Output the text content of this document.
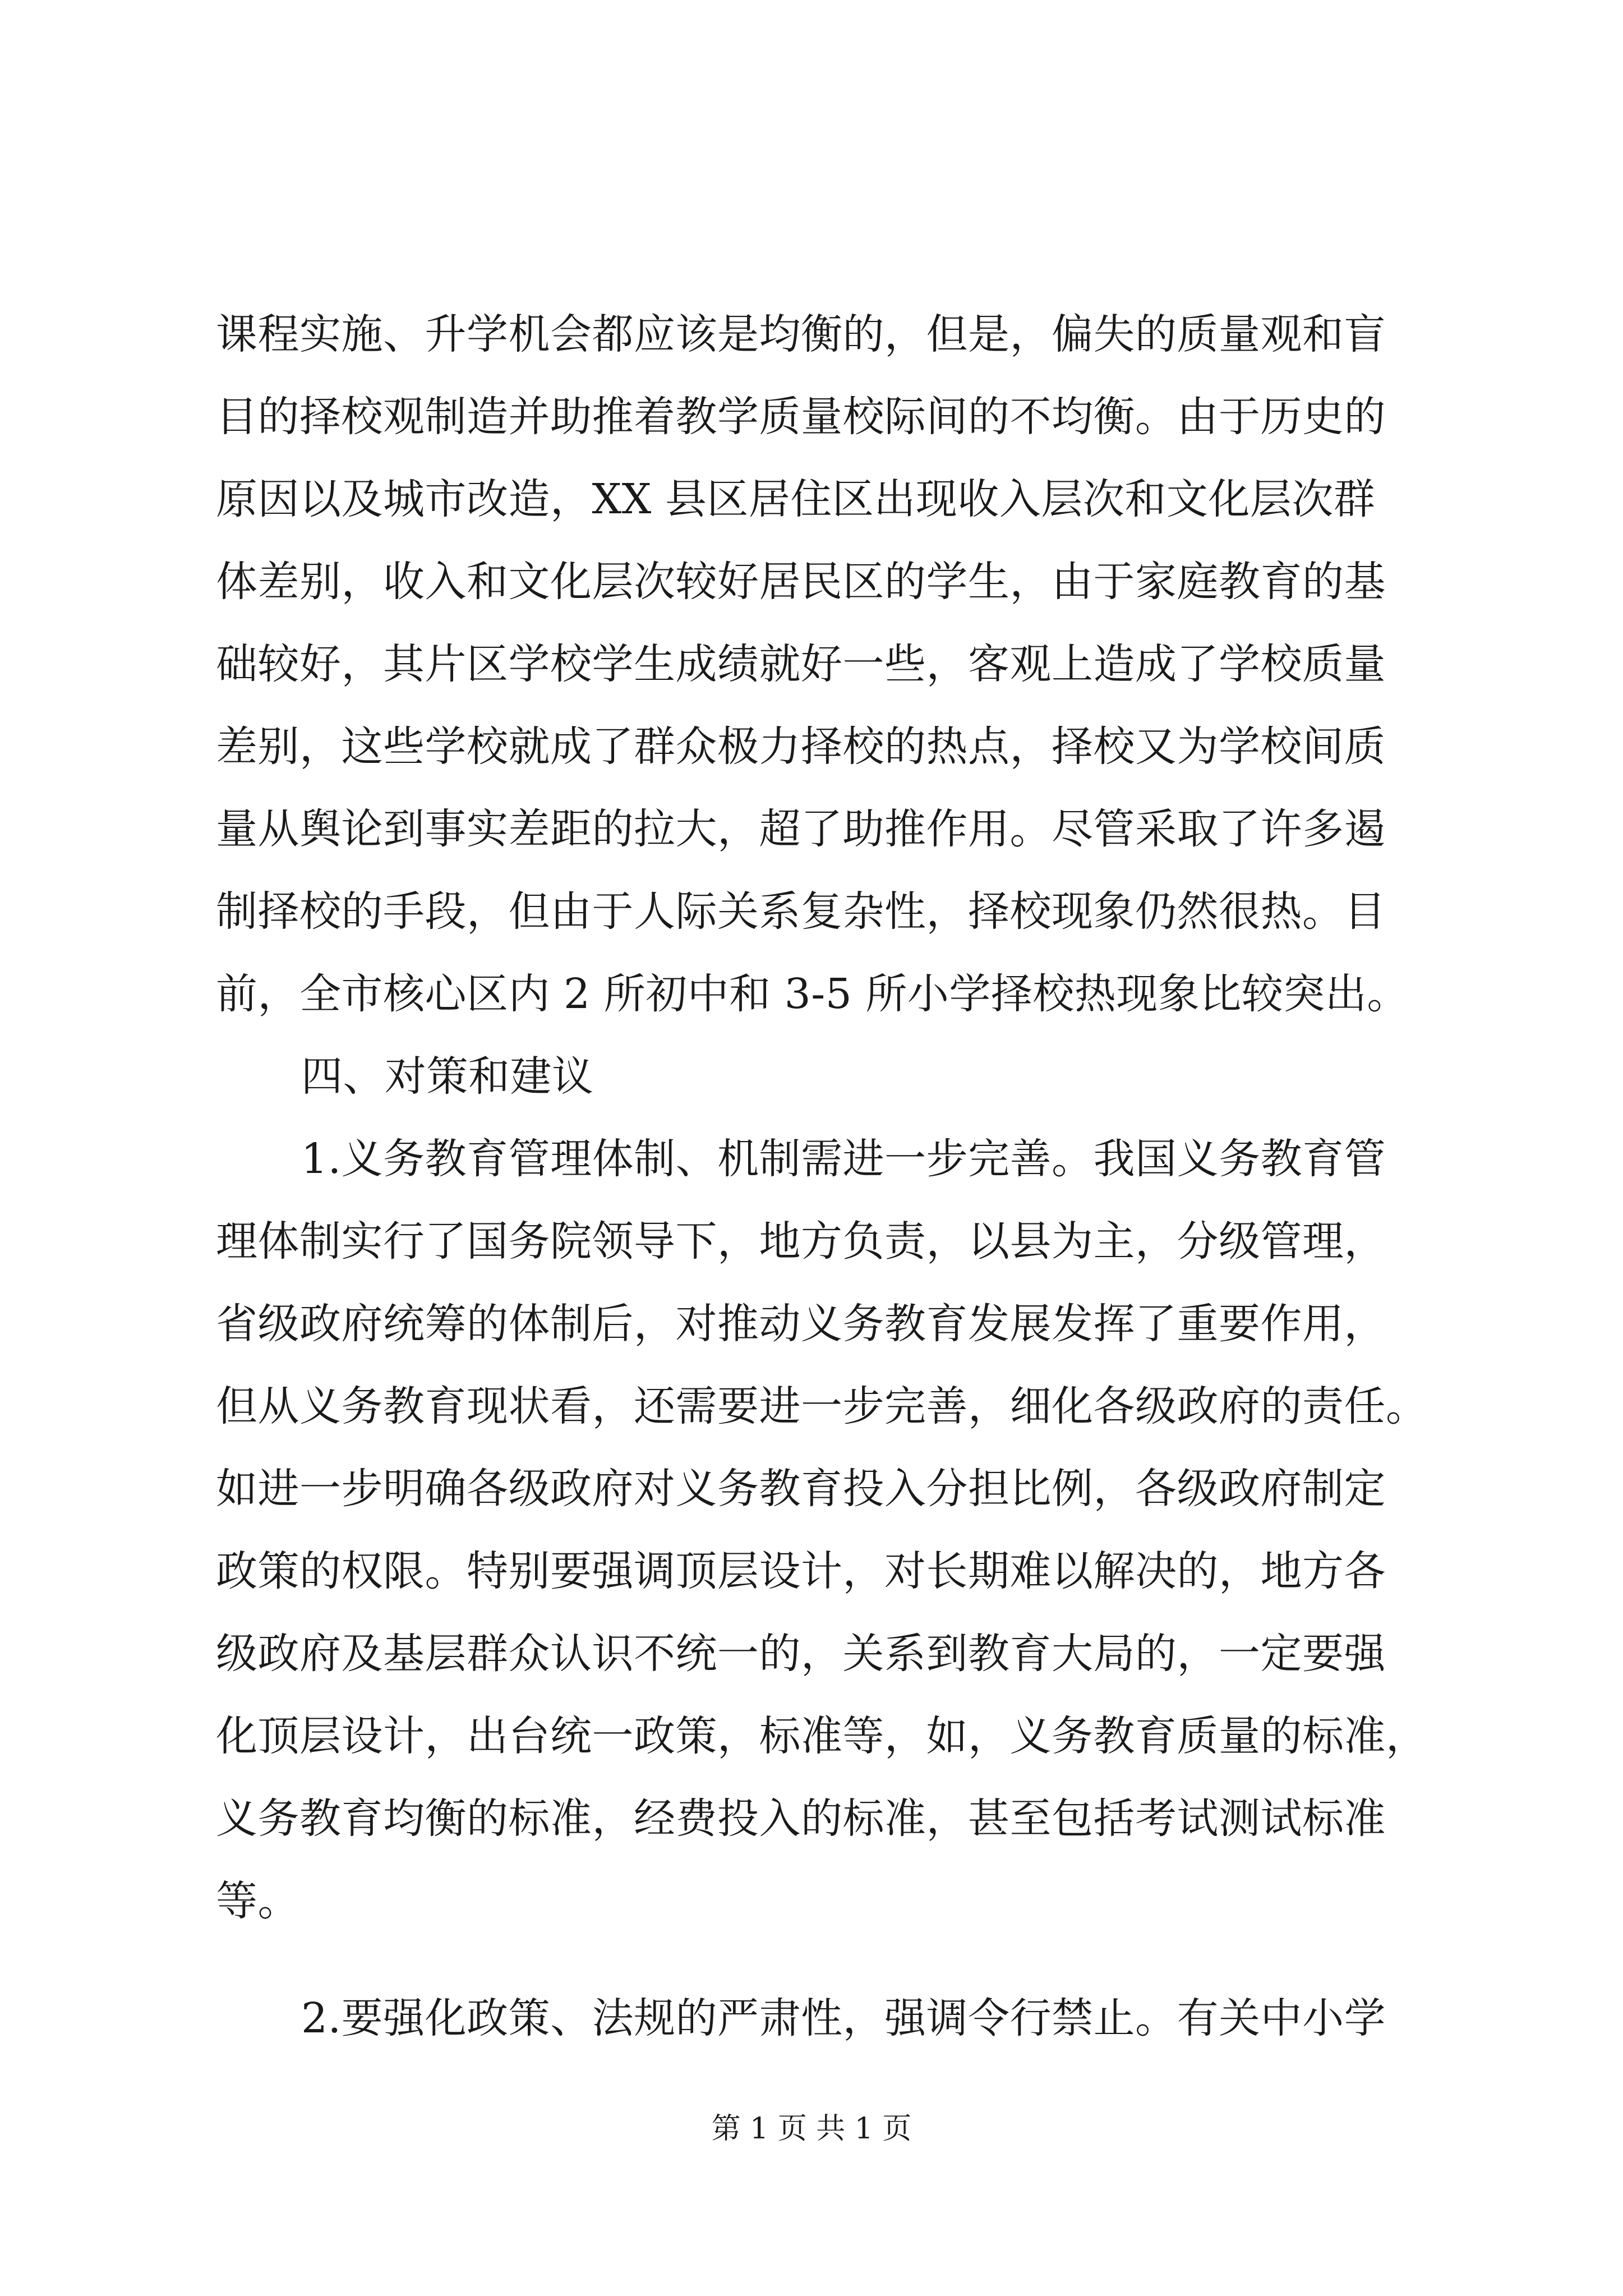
课程实施、升学机会都应该是均衡的，但是，偏失的质量观和盲
目的择校观制造并助推着教学质量校际间的不均衡。由于历史的
原因以及城市改造，XX 县区居住区出现收入层次和文化层次群
体差别，收入和文化层次较好居民区的学生，由于家庭教育的基
础较好，其片区学校学生成绩就好一些，客观上造成了学校质量
差别，这些学校就成了群众极力择校的热点，择校又为学校间质
量从舆论到事实差距的拉大，超了助推作用。尽管采取了许多遏
制择校的手段，但由于人际关系复杂性，择校现象仍然很热。目
前，全市核心区内 2 所初中和 3-5 所小学择校热现象比较突出。
四、对策和建议
1.义务教育管理体制、机制需进一步完善。我国义务教育管
理体制实行了国务院领导下，地方负责，以县为主，分级管理，
省级政府统筹的体制后，对推动义务教育发展发挥了重要作用，
但从义务教育现状看，还需要进一步完善，细化各级政府的责任。
如进一步明确各级政府对义务教育投入分担比例，各级政府制定
政策的权限。特别要强调顶层设计，对长期难以解决的，地方各
级政府及基层群众认识不统一的，关系到教育大局的，一定要强
化顶层设计，出台统一政策，标准等，如，义务教育质量的标准，
义务教育均衡的标准，经费投入的标准，甚至包括考试测试标准
等。
2.要强化政策、法规的严肃性，强调令行禁止。有关中小学
第 1 页 共 1 页
